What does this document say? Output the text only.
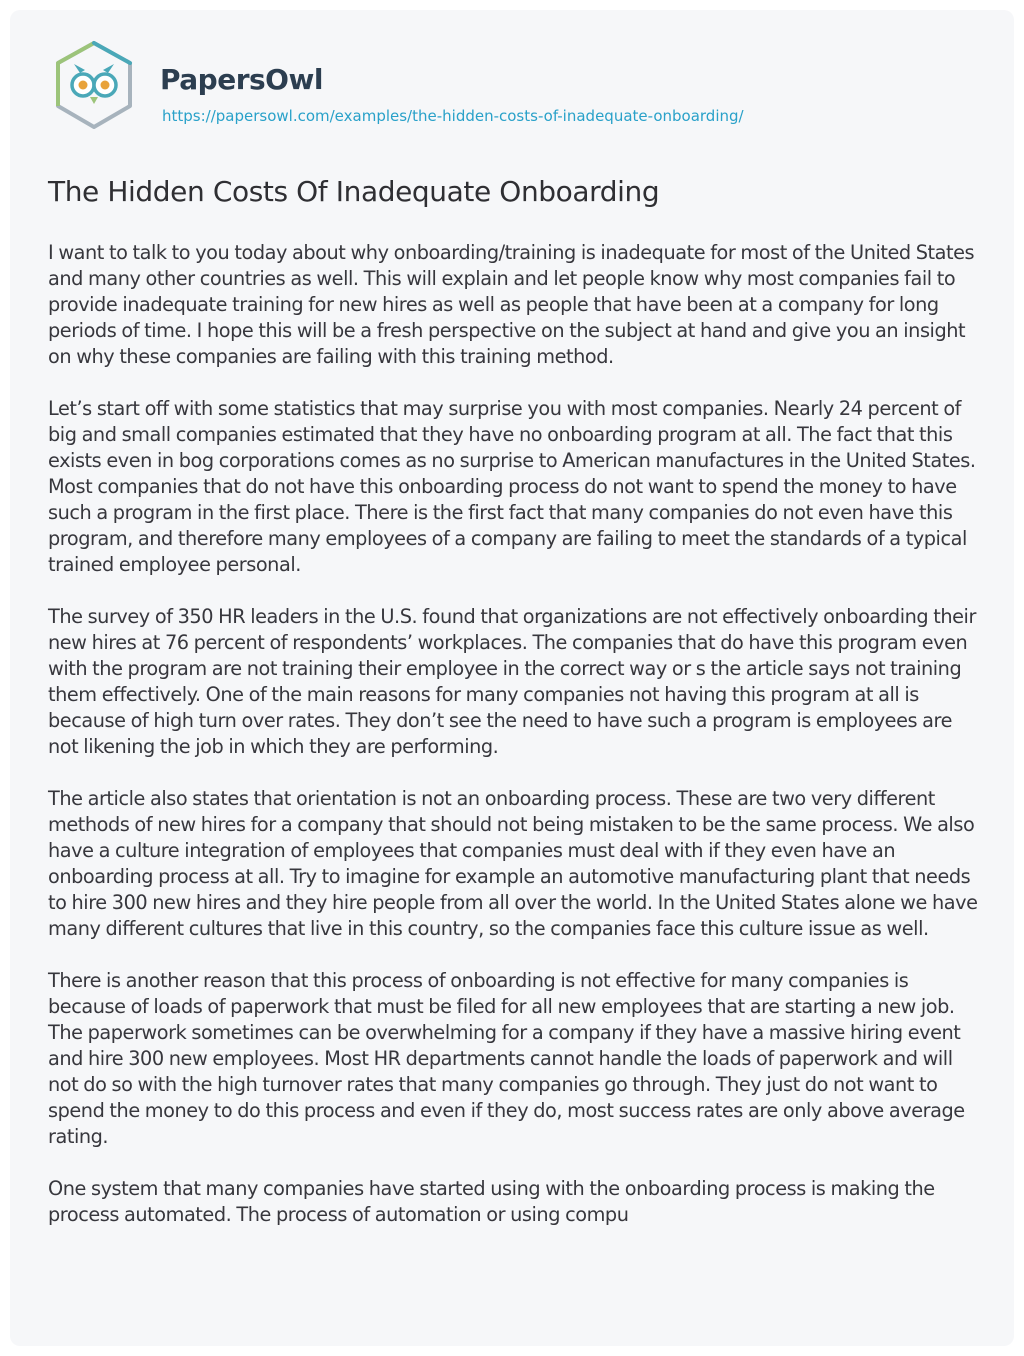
PapersOwl
https://papersowl.com/examples/the-hidden-costs-of-inadequate-onboarding/
The Hidden Costs Of Inadequate Onboarding

I want to talk to you today about why onboarding/training is inadequate for most of the United States and many other countries as well. This will explain and let people know why most companies fail to provide inadequate training for new hires as well as people that have been at a company for long periods of time. I hope this will be a fresh perspective on the subject at hand and give you an insight on why these companies are failing with this training method.

Let’s start off with some statistics that may surprise you with most companies. Nearly 24 percent of big and small companies estimated that they have no onboarding program at all. The fact that this exists even in bog corporations comes as no surprise to American manufactures in the United States. Most companies that do not have this onboarding process do not want to spend the money to have such a program in the first place. There is the first fact that many companies do not even have this program, and therefore many employees of a company are failing to meet the standards of a typical trained employee personal.

The survey of 350 HR leaders in the U.S. found that organizations are not effectively onboarding their new hires at 76 percent of respondents’ workplaces. The companies that do have this program even with the program are not training their employee in the correct way or s the article says not training them effectively. One of the main reasons for many companies not having this program at all is because of high turn over rates. They don’t see the need to have such a program is employees are not likening the job in which they are performing.

The article also states that orientation is not an onboarding process. These are two very different methods of new hires for a company that should not being mistaken to be the same process. We also have a culture integration of employees that companies must deal with if they even have an onboarding process at all. Try to imagine for example an automotive manufacturing plant that needs to hire 300 new hires and they hire people from all over the world. In the United States alone we have many different cultures that live in this country, so the companies face this culture issue as well.

There is another reason that this process of onboarding is not effective for many companies is because of loads of paperwork that must be filed for all new employees that are starting a new job. The paperwork sometimes can be overwhelming for a company if they have a massive hiring event and hire 300 new employees. Most HR departments cannot handle the loads of paperwork and will not do so with the high turnover rates that many companies go through. They just do not want to spend the money to do this process and even if they do, most success rates are only above average rating.

One system that many companies have started using with the onboarding process is making the process automated. The process of automation or using compu
